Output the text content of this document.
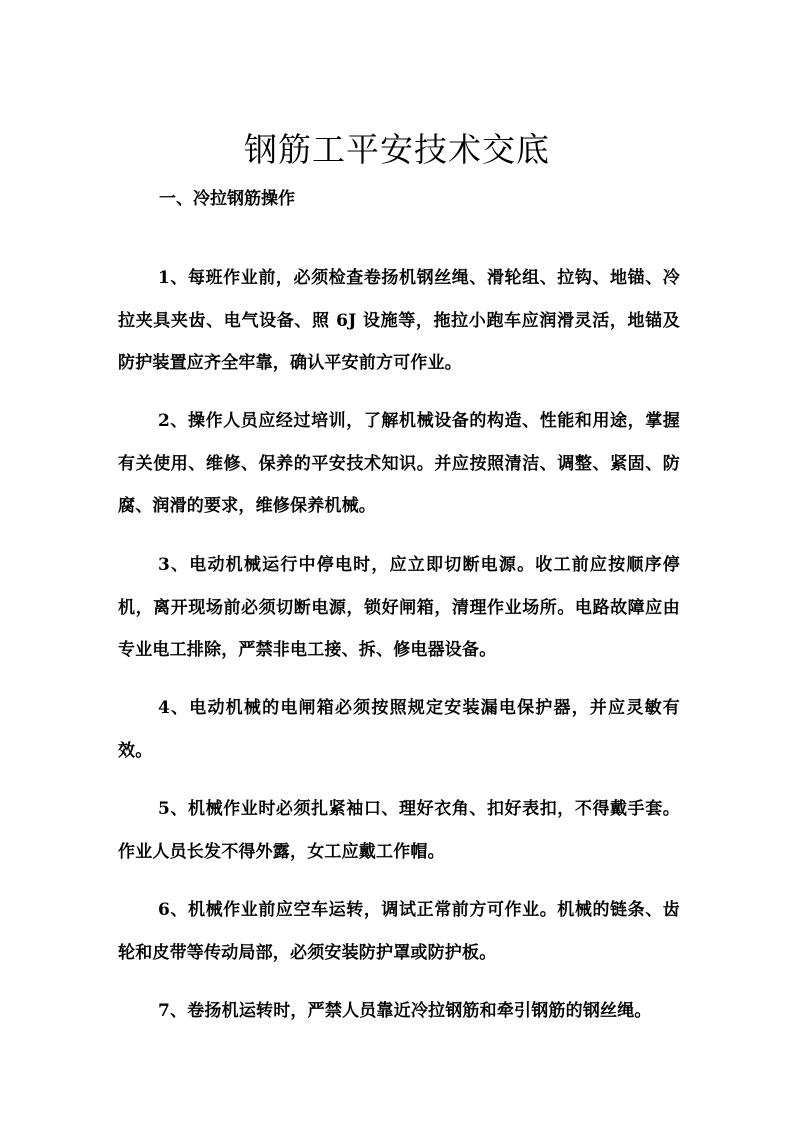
钢筋工平安技术交底
一、冷拉钢筋操作

1、每班作业前，必须检查卷扬机钢丝绳、滑轮组、拉钩、地锚、冷拉夹具夹齿、电气设备、照 6J 设施等，拖拉小跑车应润滑灵活，地锚及防护装置应齐全牢靠，确认平安前方可作业。

2、操作人员应经过培训，了解机械设备的构造、性能和用途，掌握有关使用、维修、保养的平安技术知识。并应按照清洁、调整、紧固、防腐、润滑的要求，维修保养机械。

3、电动机械运行中停电时，应立即切断电源。收工前应按顺序停机，离开现场前必须切断电源，锁好闸箱，清理作业场所。电路故障应由专业电工排除，严禁非电工接、拆、修电器设备。

4、电动机械的电闸箱必须按照规定安装漏电保护器，并应灵敏有效。

5、机械作业时必须扎紧袖口、理好衣角、扣好表扣，不得戴手套。作业人员长发不得外露，女工应戴工作帽。

6、机械作业前应空车运转，调试正常前方可作业。机械的链条、齿轮和皮带等传动局部，必须安装防护罩或防护板。

7、卷扬机运转时，严禁人员靠近冷拉钢筋和牵引钢筋的钢丝绳。
